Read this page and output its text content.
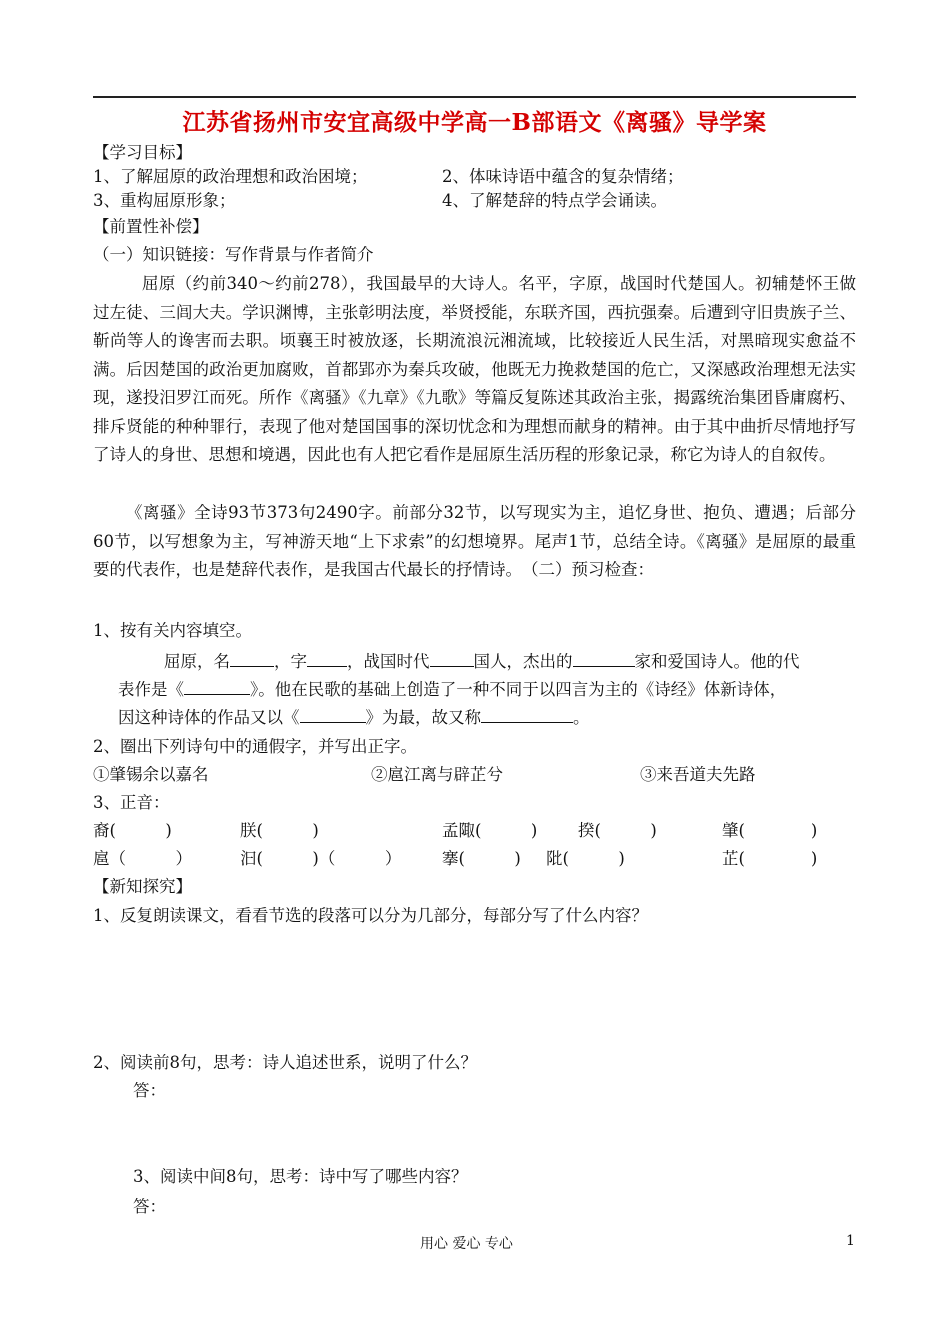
江苏省扬州市安宜高级中学高一B部语文《离骚》导学案
【学习目标】
1、了解屈原的政治理想和政治困境；	2、体味诗语中蕴含的复杂情绪；
3、重构屈原形象；	4、了解楚辞的特点学会诵读。
【前置性补偿】
（一）知识链接：写作背景与作者简介
屈原（约前340～约前278），我国最早的大诗人。名平，字原，战国时代楚国人。初辅楚怀王做过左徒、三闾大夫。学识渊博，主张彰明法度，举贤授能，东联齐国，西抗强秦。后遭到守旧贵族子兰、靳尚等人的谗害而去职。顷襄王时被放逐，长期流浪沅湘流域，比较接近人民生活，对黑暗现实愈益不满。后因楚国的政治更加腐败，首都郢亦为秦兵攻破，他既无力挽救楚国的危亡，又深感政治理想无法实现，遂投汨罗江而死。所作《离骚》《九章》《九歌》等篇反复陈述其政治主张，揭露统治集团昏庸腐朽、排斥贤能的种种罪行，表现了他对楚国国事的深切忧念和为理想而献身的精神。由于其中曲折尽情地抒写了诗人的身世、思想和境遇，因此也有人把它看作是屈原生活历程的形象记录，称它为诗人的自叙传。
《离骚》全诗93节373句2490字。前部分32节，以写现实为主，追忆身世、抱负、遭遇；后部分60节，以写想象为主，写神游天地“上下求索”的幻想境界。尾声1节，总结全诗。《离骚》是屈原的最重要的代表作，也是楚辞代表作，是我国古代最长的抒情诗。　（二）预习检查：
1、按有关内容填空。
屈原，名	，字 ，战国时代	国人，杰出的	家和爱国诗人。他的代
表作是《	》。他在民歌的基础上创造了一种不同于以四言为主的《诗经》体新诗体，
因这种诗体的作品又以《	》为最，故又称	。
2、圈出下列诗句中的通假字，并写出正字。
①肇锡余以嘉名	②扈江离与辟芷兮	③来吾道夫先路
3、正音：
裔(　　　)	朕(　　　)	孟陬(　　　) 揆(　　　)	肇(　　　　)
扈（　　　）	汩(　　　)（　　　） 搴(　　　) 阰(　　　)	芷(　　　　)
【新知探究】
1、反复朗读课文，看看节选的段落可以分为几部分，每部分写了什么内容？
2、阅读前8句，思考：诗人追述世系，说明了什么？
答：
3、阅读中间8句，思考：诗中写了哪些内容？
答：
用心 爱心 专心	1
